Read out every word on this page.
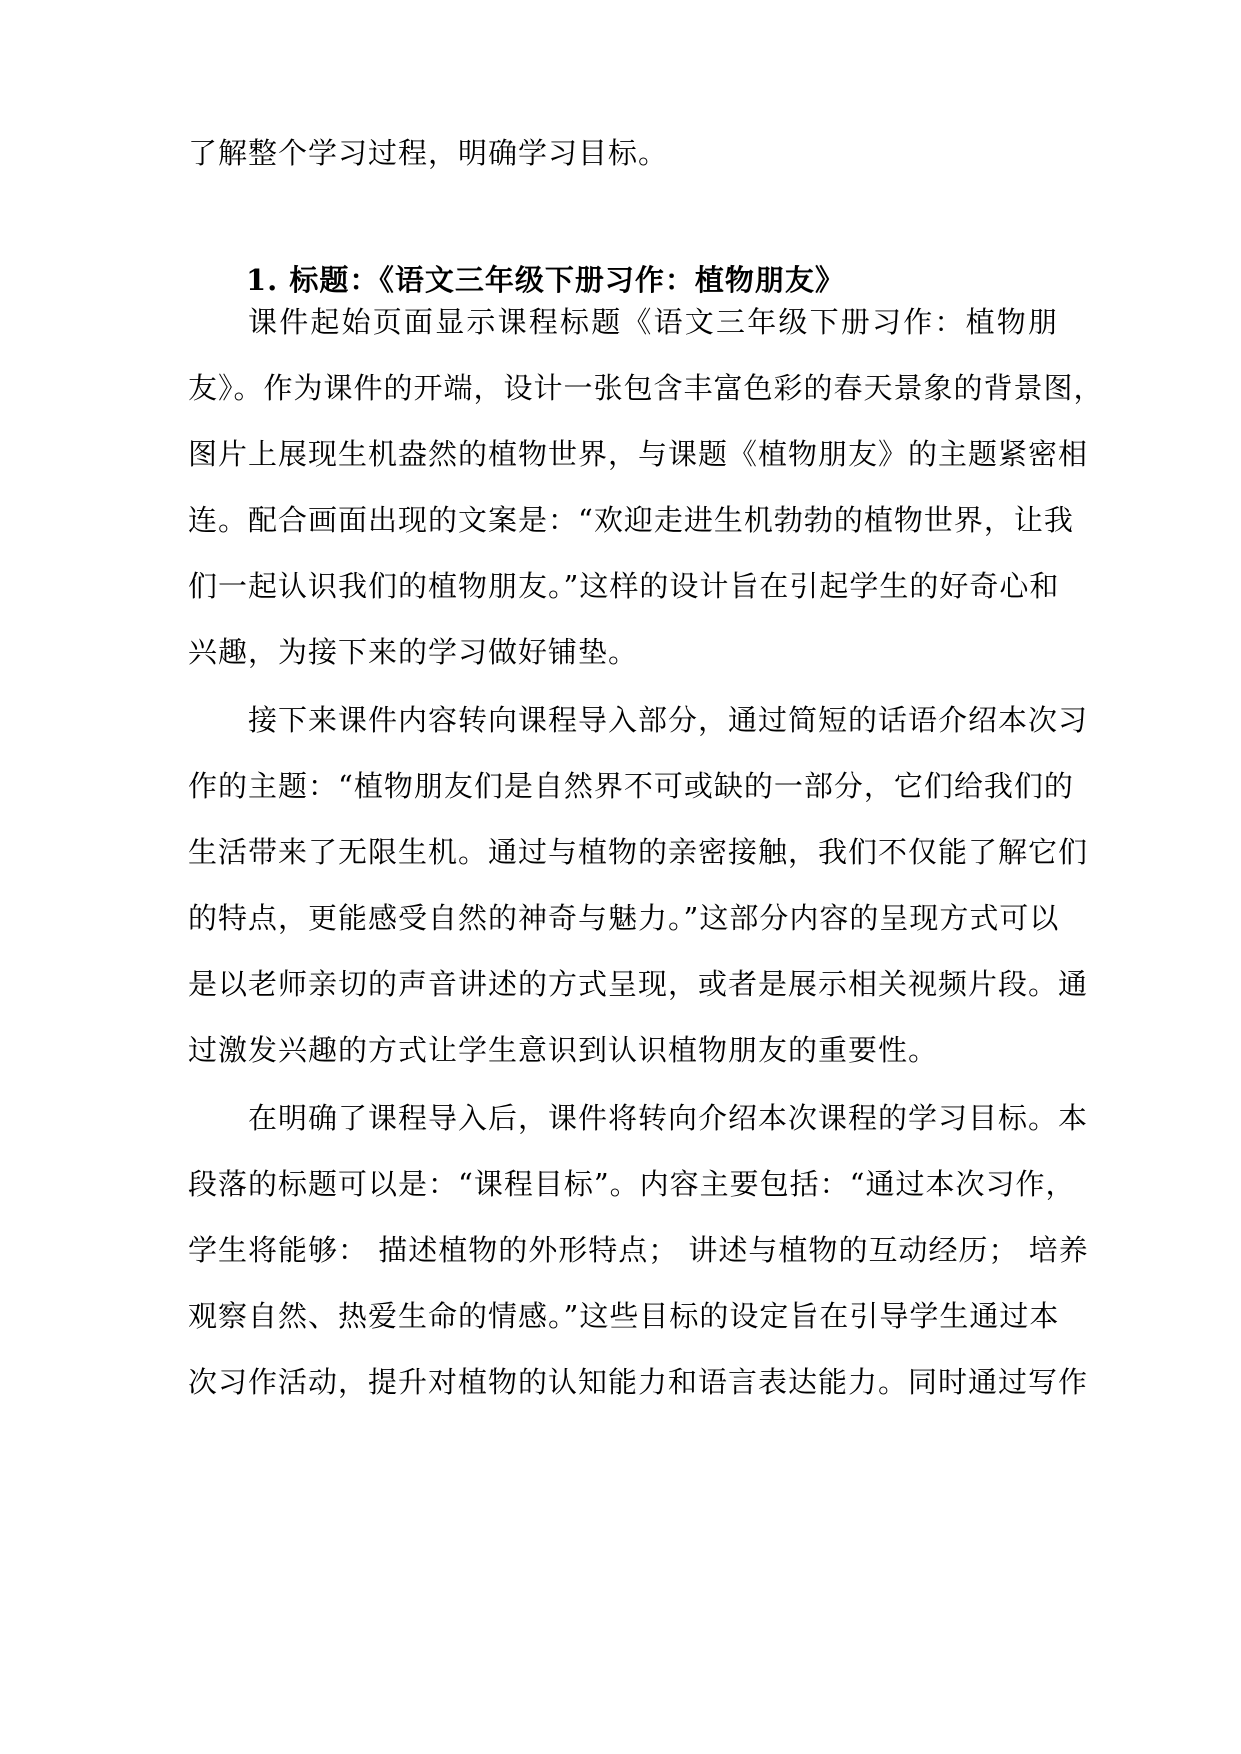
了解整个学习过程，明确学习目标。
1. 标题：《语文三年级下册习作：植物朋友》
课件起始页面显示课程标题《语文三年级下册习作：植物朋
友》。作为课件的开端，设计一张包含丰富色彩的春天景象的背景图，
图片上展现生机盎然的植物世界，与课题《植物朋友》的主题紧密相
连。配合画面出现的文案是：“欢迎走进生机勃勃的植物世界，让我
们一起认识我们的植物朋友。”这样的设计旨在引起学生的好奇心和
兴趣，为接下来的学习做好铺垫。
接下来课件内容转向课程导入部分，通过简短的话语介绍本次习
作的主题：“植物朋友们是自然界不可或缺的一部分，它们给我们的
生活带来了无限生机。通过与植物的亲密接触，我们不仅能了解它们
的特点，更能感受自然的神奇与魅力。”这部分内容的呈现方式可以
是以老师亲切的声音讲述的方式呈现，或者是展示相关视频片段。通
过激发兴趣的方式让学生意识到认识植物朋友的重要性。
在明确了课程导入后，课件将转向介绍本次课程的学习目标。本
段落的标题可以是：“课程目标”。内容主要包括：“通过本次习作，
学生将能够： 描述植物的外形特点； 讲述与植物的互动经历； 培养
观察自然、热爱生命的情感。”这些目标的设定旨在引导学生通过本
次习作活动，提升对植物的认知能力和语言表达能力。同时通过写作
